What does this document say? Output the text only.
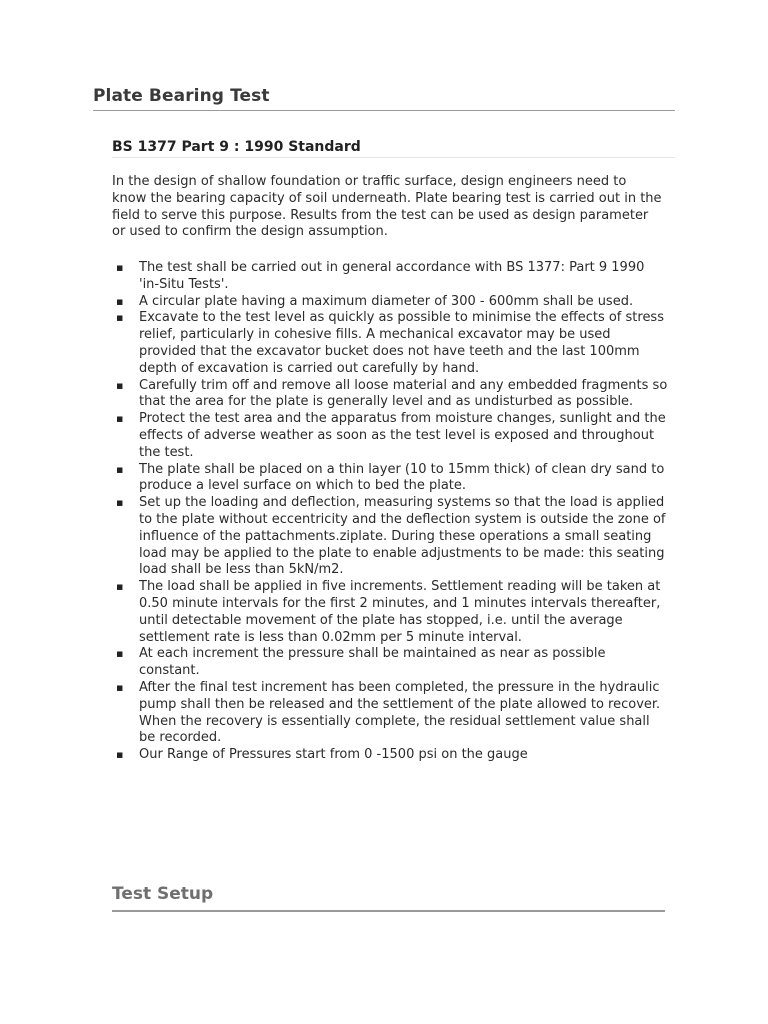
Plate Bearing Test
BS 1377 Part 9 : 1990 Standard

In the design of shallow foundation or traffic surface, design engineers need to know the bearing capacity of soil underneath. Plate bearing test is carried out in the field to serve this purpose. Results from the test can be used as design parameter or used to confirm the design assumption.

▪ The test shall be carried out in general accordance with BS 1377: Part 9 1990 'in-Situ Tests'.
▪ A circular plate having a maximum diameter of 300 - 600mm shall be used.
▪ Excavate to the test level as quickly as possible to minimise the effects of stress relief, particularly in cohesive fills. A mechanical excavator may be used provided that the excavator bucket does not have teeth and the last 100mm depth of excavation is carried out carefully by hand.
▪ Carefully trim off and remove all loose material and any embedded fragments so that the area for the plate is generally level and as undisturbed as possible.
▪ Protect the test area and the apparatus from moisture changes, sunlight and the effects of adverse weather as soon as the test level is exposed and throughout the test.
▪ The plate shall be placed on a thin layer (10 to 15mm thick) of clean dry sand to produce a level surface on which to bed the plate.
▪ Set up the loading and deflection, measuring systems so that the load is applied to the plate without eccentricity and the deflection system is outside the zone of influence of the pattachments.ziplate. During these operations a small seating load may be applied to the plate to enable adjustments to be made: this seating load shall be less than 5kN/m2.
▪ The load shall be applied in five increments. Settlement reading will be taken at 0.50 minute intervals for the first 2 minutes, and 1 minutes intervals thereafter, until detectable movement of the plate has stopped, i.e. until the average settlement rate is less than 0.02mm per 5 minute interval.
▪ At each increment the pressure shall be maintained as near as possible constant.
▪ After the final test increment has been completed, the pressure in the hydraulic pump shall then be released and the settlement of the plate allowed to recover. When the recovery is essentially complete, the residual settlement value shall be recorded.
▪ Our Range of Pressures start from 0 -1500 psi on the gauge
Test Setup
